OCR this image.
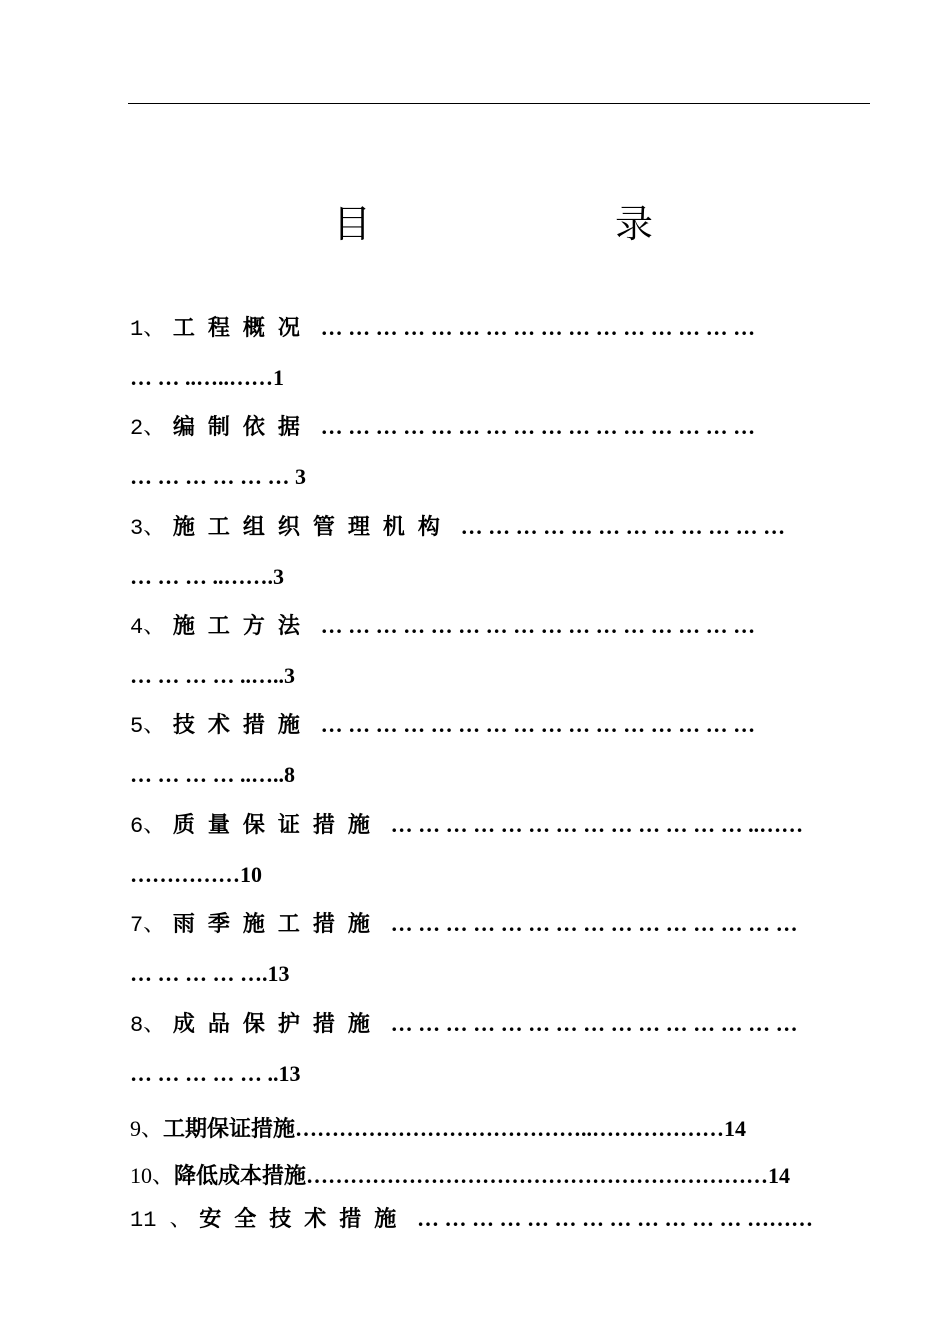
目	录
1、 工程概况 … … … … … … … … … … … … … … … …
… … ..…..……1
2、 编制依据 … … … … … … … … … … … … … … … …
… … … … … … 3
3、 施工组织管理机构 … … … … … … … … … … … …
… … … ..…….3
4、 施工方法 … … … … … … … … … … … … … … … …
… … … … ..…..3
5、 技术措施 … … … … … … … … … … … … … … … …
… … … … ..…..8
6、 质量保证措施 … … … … … … … … … … … … … ..……
……………10
7、 雨季施工措施 … … … … … … … … … … … … … … …
… … … … ….13
8、 成品保护措施 … … … … … … … … … … … … … … …
… … … … … ..13
9、工期保证措施…………………………………..………………14
10、降低成本措施………………………………………………………14
11 、 安全技术措施 … … … … … … … … … … … … ………
